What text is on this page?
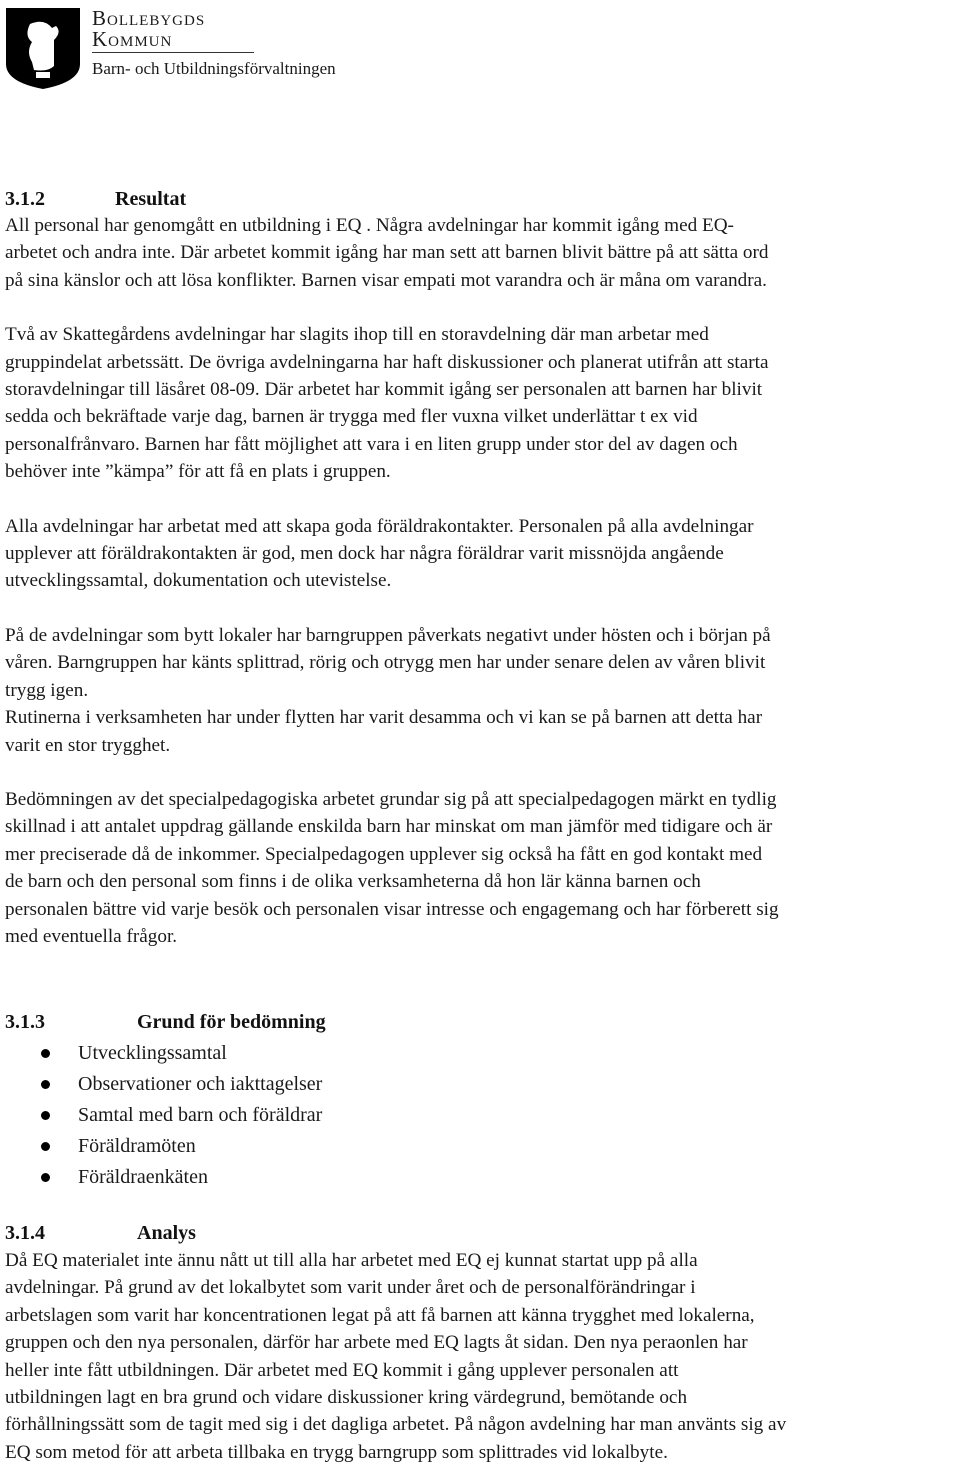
Bollebygds
Kommun
Barn- och Utbildningsförvaltningen
3.1.2	Resultat

All personal har genomgått en utbildning i EQ . Några avdelningar har kommit igång med EQ-
arbetet och andra inte. Där arbetet kommit igång har man sett att barnen blivit bättre på att sätta ord
på sina känslor och att lösa konflikter. Barnen visar empati mot varandra och är måna om varandra.

Två av Skattegårdens avdelningar har slagits ihop till en storavdelning där man arbetar med
gruppindelat arbetssätt. De övriga avdelningarna har haft diskussioner och planerat utifrån att starta
storavdelningar till läsåret 08-09. Där arbetet har kommit igång ser personalen att barnen har blivit
sedda och bekräftade varje dag, barnen är trygga med fler vuxna vilket underlättar t ex vid
personalfrånvaro. Barnen har fått möjlighet att vara i en liten grupp under stor del av dagen och
behöver inte ”kämpa” för att få en plats i gruppen.

Alla avdelningar har arbetat med att skapa goda föräldrakontakter. Personalen på alla avdelningar
upplever att föräldrakontakten är god, men dock har några föräldrar varit missnöjda angående
utvecklingssamtal, dokumentation och utevistelse.

På de avdelningar som bytt lokaler har barngruppen påverkats negativt under hösten och i början på
våren. Barngruppen har känts splittrad, rörig och otrygg men har under senare delen av våren blivit
trygg igen.
Rutinerna i verksamheten har under flytten har varit desamma och vi kan se på barnen att detta har
varit en stor trygghet.

Bedömningen av det specialpedagogiska arbetet grundar sig på att specialpedagogen märkt en tydlig
skillnad i att antalet uppdrag gällande enskilda barn har minskat om man jämför med tidigare och är
mer preciserade då de inkommer. Specialpedagogen upplever sig också ha fått en god kontakt med
de barn och den personal som finns i de olika verksamheterna då hon lär känna barnen och
personalen bättre vid varje besök och personalen visar intresse och engagemang och har förberett sig
med eventuella frågor.

3.1.3	Grund för bedömning
Utvecklingssamtal
Observationer och iakttagelser
Samtal med barn och föräldrar
Föräldramöten
Föräldraenkäten
3.1.4	Analys

Då EQ materialet inte ännu nått ut till alla har arbetet med EQ ej kunnat startat upp på alla
avdelningar. På grund av det lokalbytet som varit under året och de personalförändringar i
arbetslagen som varit har koncentrationen legat på att få barnen att känna trygghet med lokalerna,
gruppen och den nya personalen, därför har arbete med EQ lagts åt sidan. Den nya peraonlen har
heller inte fått utbildningen. Där arbetet med EQ kommit i gång upplever personalen att
utbildningen lagt en bra grund och vidare diskussioner kring värdegrund, bemötande och
förhållningssätt som de tagit med sig i det dagliga arbetet. På någon avdelning har man använts sig av
EQ som metod för att arbeta tillbaka en trygg barngrupp som splittrades vid lokalbyte.
